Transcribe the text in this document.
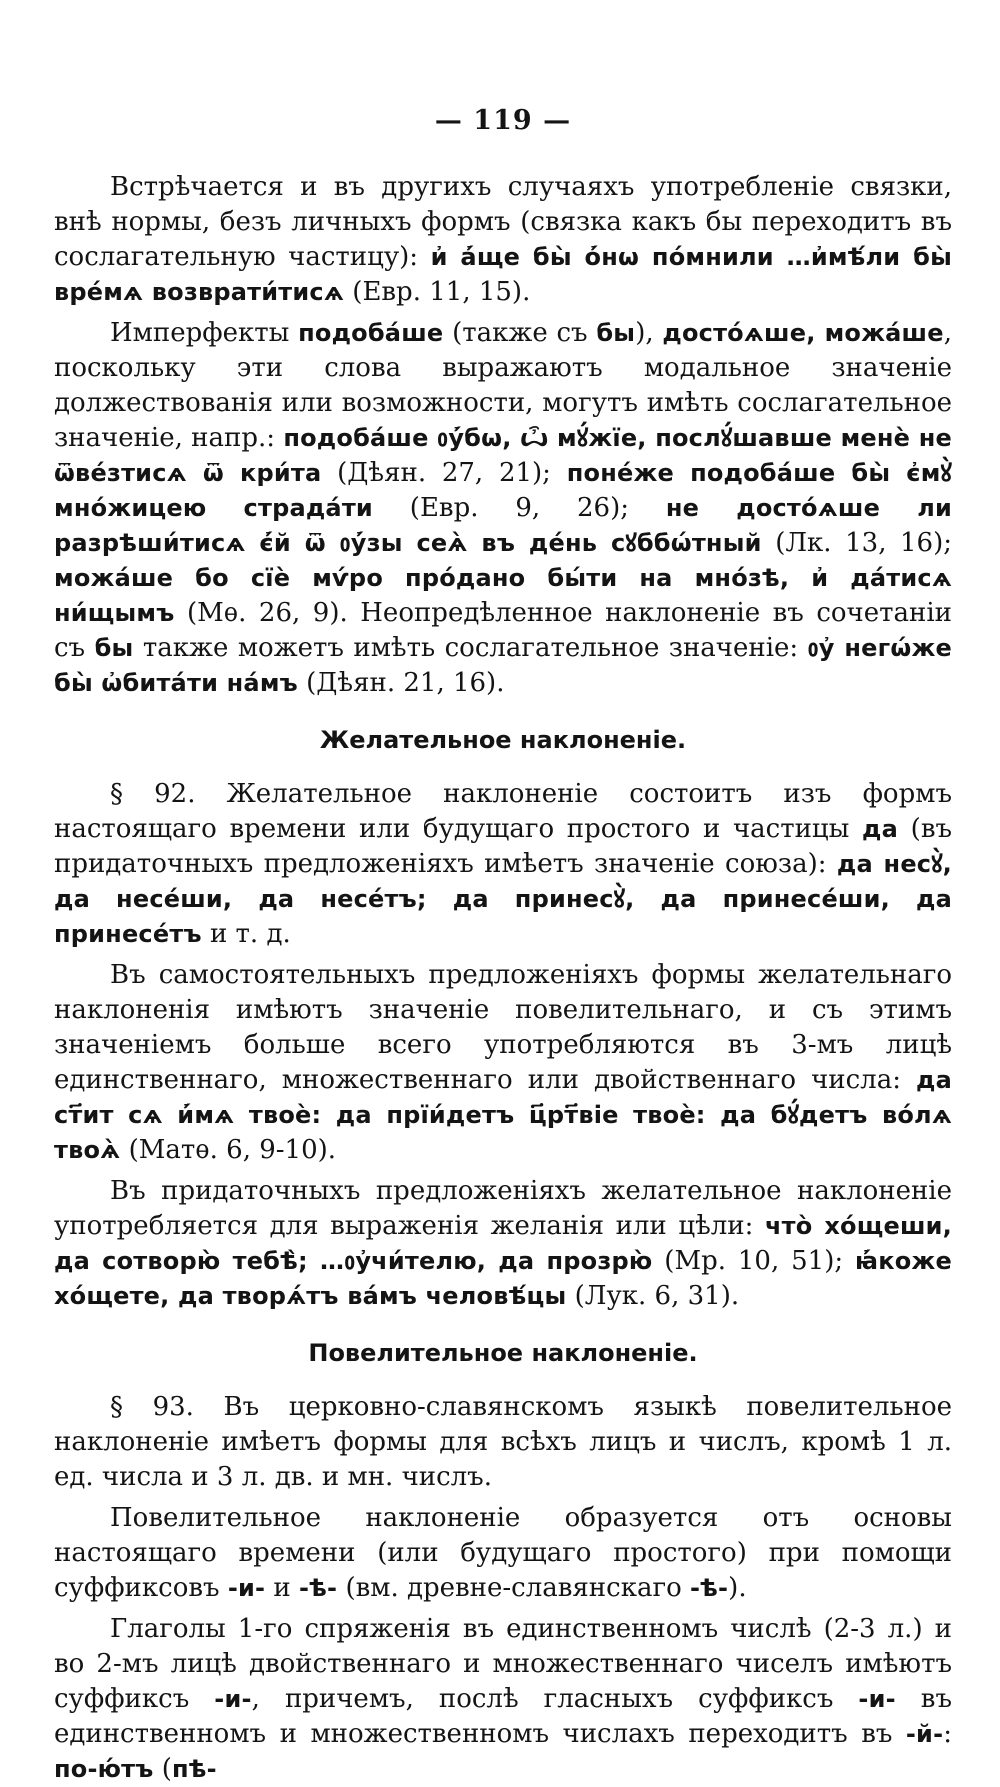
— 119 —

Встрѣчается и въ другихъ случаяхъ употребленіе связки, внѣ нормы, безъ личныхъ формъ (связка какъ бы переходитъ въ сослагательную частицу): и҆ а҆́ще бы̀ о҆́нѡ по́мнили …и҆мѣ́ли бы̀ вре́мѧ возврати́тисѧ (Евр. 11, 15).

Имперфекты подоба́ше (также съ бы), досто́ѧше, можа́ше, поскольку эти слова выражаютъ модальное значеніе должествованія или возможности, могутъ имѣть сослагательное значеніе, напр.: подоба́ше ᲂу҆́бѡ, ѽ мꙋ́жїе, послꙋ́шавше менѐ не ѿве́зтисѧ ѿ кри́та (Дѣян. 27, 21); поне́же подоба́ше бы̀ є҆мꙋ̀ мно́жицею страда́ти (Евр. 9, 26); не досто́ѧше ли разрѣши́тисѧ є҆́й ѿ ᲂу҆́зы сеѧ̀ въ де́нь сꙋббѡ́тный (Лк. 13, 16); можа́ше бо сїѐ мѵ́ро про́дано бы́ти на мно́зѣ, и҆ да́тисѧ ни́щымъ (Мѳ. 26, 9). Неопредѣленное наклоненіе въ сочетаніи съ бы также можетъ имѣть сослагательное значеніе: ᲂу҆ негѡ́же бы̀ ѡ҆бита́ти на́мъ (Дѣян. 21, 16).

Желательное наклоненіе.

§ 92. Желательное наклоненіе состоитъ изъ формъ настоящаго времени или будущаго простого и частицы да (въ придаточныхъ предложеніяхъ имѣетъ значеніе союза): да несꙋ̀, да несе́ши, да несе́тъ; да принесꙋ̀, да принесе́ши, да принесе́тъ и т. д.

Въ самостоятельныхъ предложеніяхъ формы желательнаго наклоненія имѣютъ значеніе повелительнаго, и съ этимъ значеніемъ больше всего употребляются въ 3-мъ лицѣ единственнаго, множественнаго или двойственнаго числа: да ст҃ит сѧ и҆́мѧ твоѐ: да прїи́детъ ц҃рт҃віе твоѐ: да бꙋ́детъ во́лѧ твоѧ̀ (Матѳ. 6, 9-10).

Въ придаточныхъ предложеніяхъ желательное наклоненіе употребляется для выраженія желанія или цѣли: что̀ хо́щеши, да сотворю̀ тебѣ̀; …ᲂу҆чи́телю, да прозрю̀ (Мр. 10, 51); ꙗ҆́коже хо́щете, да творѧ́тъ ва́мъ человѣ́цы (Лук. 6, 31).

Повелительное наклоненіе.

§ 93. Въ церковно-славянскомъ языкѣ повелительное наклоненіе имѣетъ формы для всѣхъ лицъ и числъ, кромѣ 1 л. ед. числа и 3 л. дв. и мн. числъ.

Повелительное наклоненіе образуется отъ основы настоящаго времени (или будущаго простого) при помощи суффиксовъ -и- и -ѣ- (вм. древне-славянскаго -ѣ-).

Глаголы 1-го спряженія въ единственномъ числѣ (2-3 л.) и во 2-мъ лицѣ двойственнаго и множественнаго чиселъ имѣютъ суффиксъ -и-, причемъ, послѣ гласныхъ суффиксъ -и- въ единственномъ и множественномъ числахъ переходитъ въ -й-: по-ю́тъ (пѣ-
